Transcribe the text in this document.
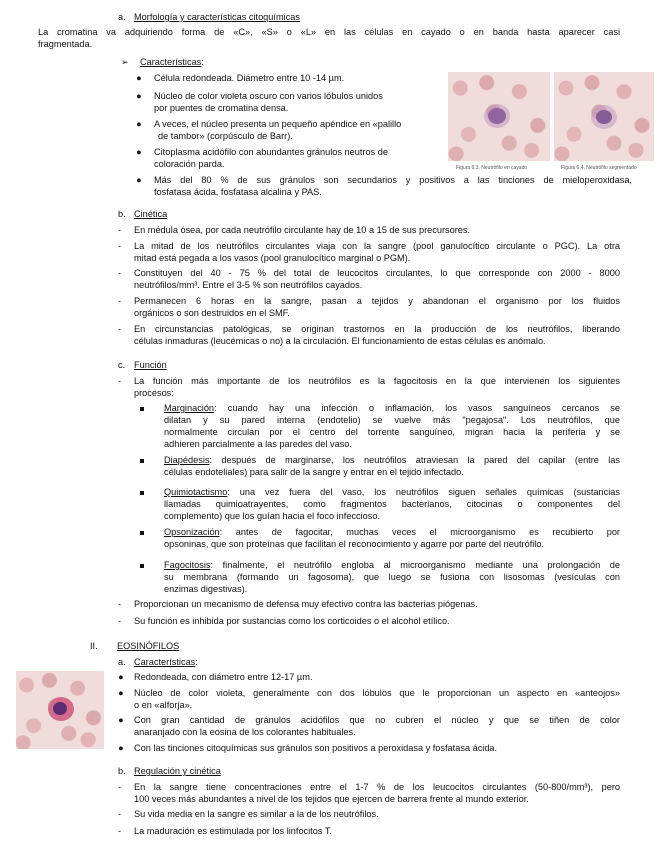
a. Morfología y características citoquímicas
La cromatina va adquiriendo forma de «C», «S» o «L» en las células en cayado o en banda hasta aparecer casi
fragmentada.
➢ Características:
● Célula redondeada. Diámetro entre 10 -14 µm.
● Núcleo de color violeta oscuro con varios lóbulos unidos
por puentes de cromatina densa.
● A veces, el núcleo presenta un pequeño apéndice en «palillo
de tambor» (corpúsculo de Barr).
● Citoplasma acidófilo con abundantes gránulos neutros de
coloración parda.
● Más del 80 % de sus gránulos son secundarios y positivos a las tinciones de mieloperoxidasa,
fosfatasa ácida, fosfatasa alcalina y PAS.
Figura 6.3. Neutrófilo en cayado	Figura 6.4. Neutrófilo segmentado
b. Cinética
- En médula ósea, por cada neutrófilo circulante hay de 10 a 15 de sus precursores.
- La mitad de los neutrófilos circulantes viaja con la sangre (pool ganulocítico circulante o PGC). La otra
mitad está pegada a los vasos (pool granulocítico marginal o PGM).
- Constituyen del 40 - 75 % del total de leucocitos circulantes, lo que corresponde con 2000 - 8000
neutrófilos/mm³. Entre el 3-5 % son neutrófilos cayados.
- Permanecen 6 horas en la sangre, pasan a tejidos y abandonan el organismo por los fluidos
orgánicos o son destruidos en el SMF.
- En circunstancias patológicas, se originan trastornos en la producción de los neutrófilos, liberando
células inmaduras (leucémicas o no) a la circulación. El funcionamiento de estas células es anómalo.
c. Función
- La función más importante de los neutrófilos es la fagocitosis en la que intervienen los siguientes
procesos:
Marginación: cuando hay una infección o inflamación, los vasos sanguíneos cercanos se
dilatan y su pared interna (endotelio) se vuelve más "pegajosa". Los neutrófilos, que
normalmente circulan por el centro del torrente sanguíneo, migran hacia la periferia y se
adhieren parcialmente a las paredes del vaso.
Diapédesis: después de marginarse, los neutrófilos atraviesan la pared del capilar (entre las
células endoteliales) para salir de la sangre y entrar en el tejido infectado.
Quimiotactismo: una vez fuera del vaso, los neutrófilos siguen señales químicas (sustancias
llamadas quimioatrayentes, como fragmentos bacterianos, citocinas o componentes del
complemento) que los guían hacia el foco infeccioso.
Opsonización: antes de fagocitar, muchas veces el microorganismo es recubierto por
opsoninas, que son proteínas que facilitan el reconocimiento y agarre por parte del neutrófilo.
Fagocitosis: finalmente, el neutrófilo engloba al microorganismo mediante una prolongación de
su membrana (formando un fagosoma), que luego se fusiona con lisosomas (vesículas con
enzimas digestivas).
- Proporcionan un mecanismo de defensa muy efectivo contra las bacterias piógenas.
- Su función es inhibida por sustancias como los corticoides o el alcohol etílico.
II. EOSINÓFILOS
a. Características:
● Redondeada, con diámetro entre 12-17 µm.
● Núcleo de color violeta, generalmente con dos lóbulos que le proporcionan un aspecto en «anteojos»
o en «alforja».
● Con gran cantidad de gránulos acidófilos que no cubren el núcleo y que se tiñen de color
anaranjado con la eosina de los colorantes habituales.
● Con las tinciones citoquímicas sus gránulos son positivos a peroxidasa y fosfatasa ácida.
b. Regulación y cinética
- En la sangre tiene concentraciones entre el 1-7 % de los leucocitos circulantes (50-800/mm³), pero
100 veces más abundantes a nivel de los tejidos que ejercen de barrera frente al mundo exterior.
- Su vida media en la sangre es similar a la de los neutrófilos.
- La maduración es estimulada por los linfocitos T.
